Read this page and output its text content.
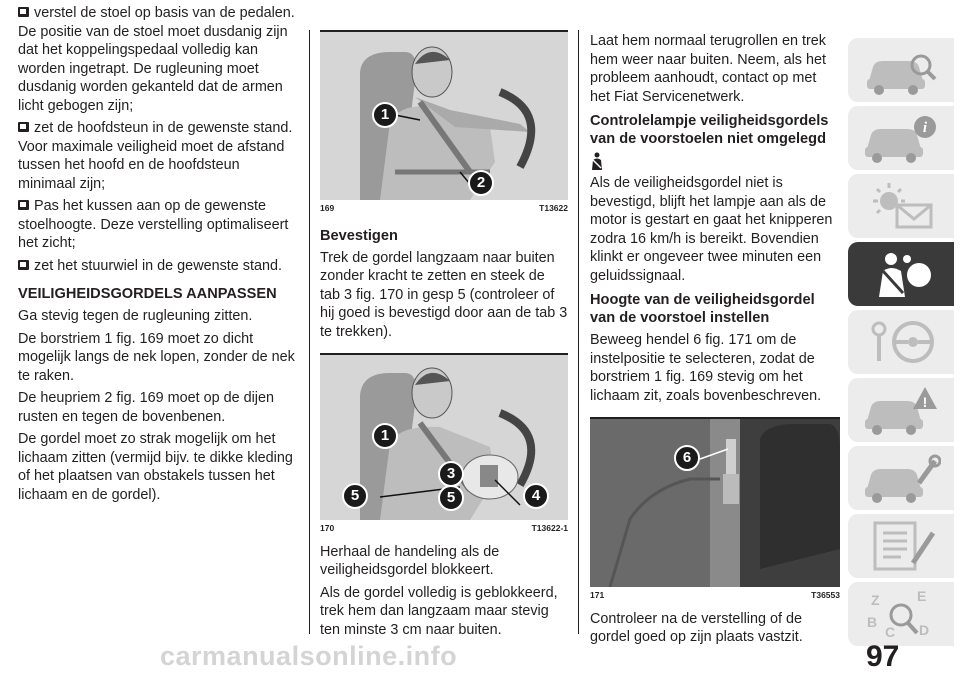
verstel de stoel op basis van de pedalen. De positie van de stoel moet dusdanig zijn dat het koppelingspedaal volledig kan worden ingetrapt. De rugleuning moet dusdanig worden gekanteld dat de armen licht gebogen zijn;

zet de hoofdsteun in de gewenste stand. Voor maximale veiligheid moet de afstand tussen het hoofd en de hoofdsteun minimaal zijn;

Pas het kussen aan op de gewenste stoelhoogte. Deze verstelling optimaliseert het zicht;

zet het stuurwiel in de gewenste stand.

VEILIGHEIDSGORDELS AANPASSEN

Ga stevig tegen de rugleuning zitten.

De borstriem 1 fig. 169 moet zo dicht mogelijk langs de nek lopen, zonder de nek te raken.

De heupriem 2 fig. 169 moet op de dijen rusten en tegen de bovenbenen.

De gordel moet zo strak mogelijk om het lichaam zitten (vermijd bijv. te dikke kleding of het plaatsen van obstakels tussen het lichaam en de gordel).

1
2
169	T13622
Bevestigen

Trek de gordel langzaam naar buiten zonder kracht te zetten en steek de tab 3 fig. 170 in gesp 5 (controleer of hij goed is bevestigd door aan de tab 3 te trekken).

1
3
5	5	4
170	T13622-1

Herhaal de handeling als de veiligheidsgordel blokkeert.

Als de gordel volledig is geblokkeerd, trek hem dan langzaam maar stevig ten minste 3 cm naar buiten.

Laat hem normaal terugrollen en trek hem weer naar buiten. Neem, als het probleem aanhoudt, contact op met het Fiat Servicenetwerk.

Controlelampje veiligheidsgordels van de voorstoelen niet omgelegd

Als de veiligheidsgordel niet is bevestigd, blijft het lampje aan als de motor is gestart en gaat het knipperen zodra 16 km/h is bereikt. Bovendien klinkt er ongeveer twee minuten een geluidssignaal.

Hoogte van de veiligheidsgordel van de voorstoel instellen

Beweeg hendel 6 fig. 171 om de instelpositie te selecteren, zodat de borstriem 1 fig. 169 stevig om het lichaam zit, zoals bovenbeschreven.

6
171	T36553

Controleer na de verstelling of de gordel goed op zijn plaats vastzit.

i
!
Z	E
B
C D
97
carmanualsonline.info
